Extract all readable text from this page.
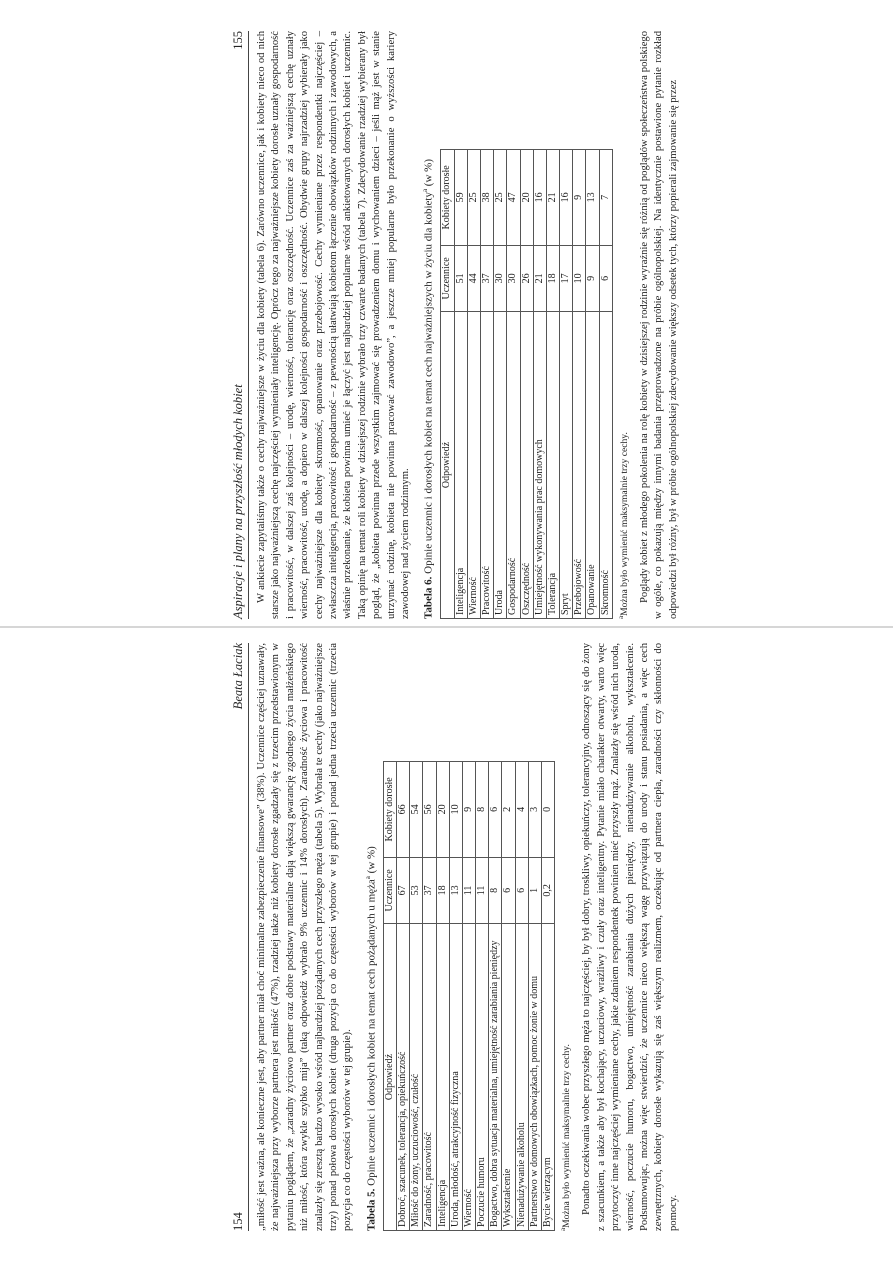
Aspiracje i plany na przyszłość młodych kobiet
155 W ankiecie zapytaliśmy także o cechy najważniejsze w życiu dla kobiety (tabela 6). Zarówno uczennice, jak i kobiety nieco od nich starsze jako najważniejszą cechę najczęściej wymieniały inteligencję. Oprócz tego za najważniejsze kobiety dorosłe uznały gospodarność i pracowitość, w dalszej zaś kolejności – urodę, wierność, tolerancję oraz oszczędność. Uczennice zaś za ważniejszą cechę uznały wierność, pracowitość, urodę, a dopiero w dalszej kolejności gospodarność i oszczędność. Obydwie grupy najrzadziej wybierały jako cechy najważniejsze dla kobiety skromność, opanowanie oraz przebojowość. Cechy wymieniane przez respondentki najczęściej – zwłaszcza inteligencja, pracowitość i gospodarność – z pewnością ułatwiają kobietom łączenie obowiązków rodzinnych i zawodowych, a właśnie przekonanie, że kobieta powinna umieć je łączyć jest najbardziej popularne wśród ankietowanych dorosłych kobiet i uczennic. Taką opinię na temat roli kobiety w dzisiejszej rodzinie wybrało trzy czwarte badanych (tabela 7). Zdecydowanie rzadziej wybierany był pogląd, że „kobieta powinna przede wszystkim zajmować się prowadzeniem domu i wychowaniem dzieci – jeśli mąż jest w stanie utrzymać rodzinę, kobieta nie powinna pracować zawodowo”, a jeszcze mniej popularne było przekonanie o wyższości kariery zawodowej nad życiem rodzinnym. Tabela 6. Opinie uczennic i dorosłych kobiet na temat cech najważniejszych w życiu dla kobiety$^a$ (w %)
Odpowiedź	Uczennice	Kobiety dorosłe
Inteligencja	51	59
Wierność	44	25
Pracowitość	37	38
Uroda	30	25
Gospodarność	30	47
Oszczędność	26	20
Umiejętność wykonywania prac domowych	21	16
Tolerancja	18	21
Spryt	17	16
Przebojowość	10	9
Opanowanie	9	13
Skromność	6	7
$^a$Można było wymienić maksymalnie trzy cechy. Poglądy kobiet z młodego pokolenia na rolę kobiety w dzisiejszej rodzinie wyraźnie się różnią od poglądów społeczeństwa polskiego w ogóle, co pokazują między innymi badania przeprowadzone na próbie ogólnopolskiej. Na identycznie postawione pytanie rozkład odpowiedzi był różny, był w próbie ogólnopolskiej zdecydowanie większy odsetek tych, którzy popierali zajmowanie się przez

154
Beata Łaciak „miłość jest ważna, ale konieczne jest, aby partner miał choć minimalne zabezpieczenie finansowe” (38%). Uczennice częściej uznawały, że najważniejsza przy wyborze partnera jest miłość (47%), rzadziej także niż kobiety dorosłe zgadzały się z trzecim przedstawionym w pytaniu poglądem, że „zaradny życiowo partner oraz dobre podstawy materialne dają większą gwarancję zgodnego życia małżeńskiego niż miłość, która zwykle szybko mija” (taką odpowiedź wybrało 9% uczennic i 14% dorosłych). Zaradność życiowa i pracowitość znalazły się zresztą bardzo wysoko wśród najbardziej pożądanych cech przyszłego męża (tabela 5). Wybrała te cechy (jako najważniejsze trzy) ponad połowa dorosłych kobiet (druga pozycja co do częstości wyborów w tej grupie) i ponad jedna trzecia uczennic (trzecia pozycja co do częstości wyborów w tej grupie). Tabela 5. Opinie uczennic i dorosłych kobiet na temat cech pożądanych u męża$^a$ (w %)
Odpowiedź	Uczennice	Kobiety dorosłe
Dobroć, szacunek, tolerancja, opiekuńczość	67	66
Miłość do żony, uczuciowość, czułość	53	54
Zaradność, pracowitość	37	56
Inteligencja	18	20
Uroda, młodość, atrakcyjność fizyczna	13	10
Wierność	11	9
Poczucie humoru	11	8
Bogactwo, dobra sytuacja materialna, umiejętność zarabiania pieniędzy	8	6
Wykształcenie	6	2
Nienadużywanie alkoholu	6	4
Partnerstwo w domowych obowiązkach, pomoc żonie w domu	1	3
Bycie wierzącym	0,2	0
$^a$Można było wymienić maksymalnie trzy cechy. Ponadto oczekiwania wobec przyszłego męża to najczęściej, by był dobry, troskliwy, opiekuńczy, tolerancyjny, odnoszący się do żony z szacunkiem, a także aby był kochający, uczuciowy, wrażliwy i czuły oraz inteligentny. Pytanie miało charakter otwarty, warto więc przytoczyć inne najczęściej wymieniane cechy, jakie zdaniem respondentek powinien mieć przyszły mąż. Znalazły się wśród nich uroda, wierność, poczucie humoru, bogactwo, umiejętność zarabiania dużych pieniędzy, nienadużywanie alkoholu, wykształcenie. Podsumowując, można więc stwierdzić, że uczennice nieco większą wagę przywiązują do urody i stanu posiadania, a więc cech zewnętrznych, kobiety dorosłe wykazują się zaś większym realizmem, oczekując od partnera ciepła, zaradności czy skłonności do pomocy.
